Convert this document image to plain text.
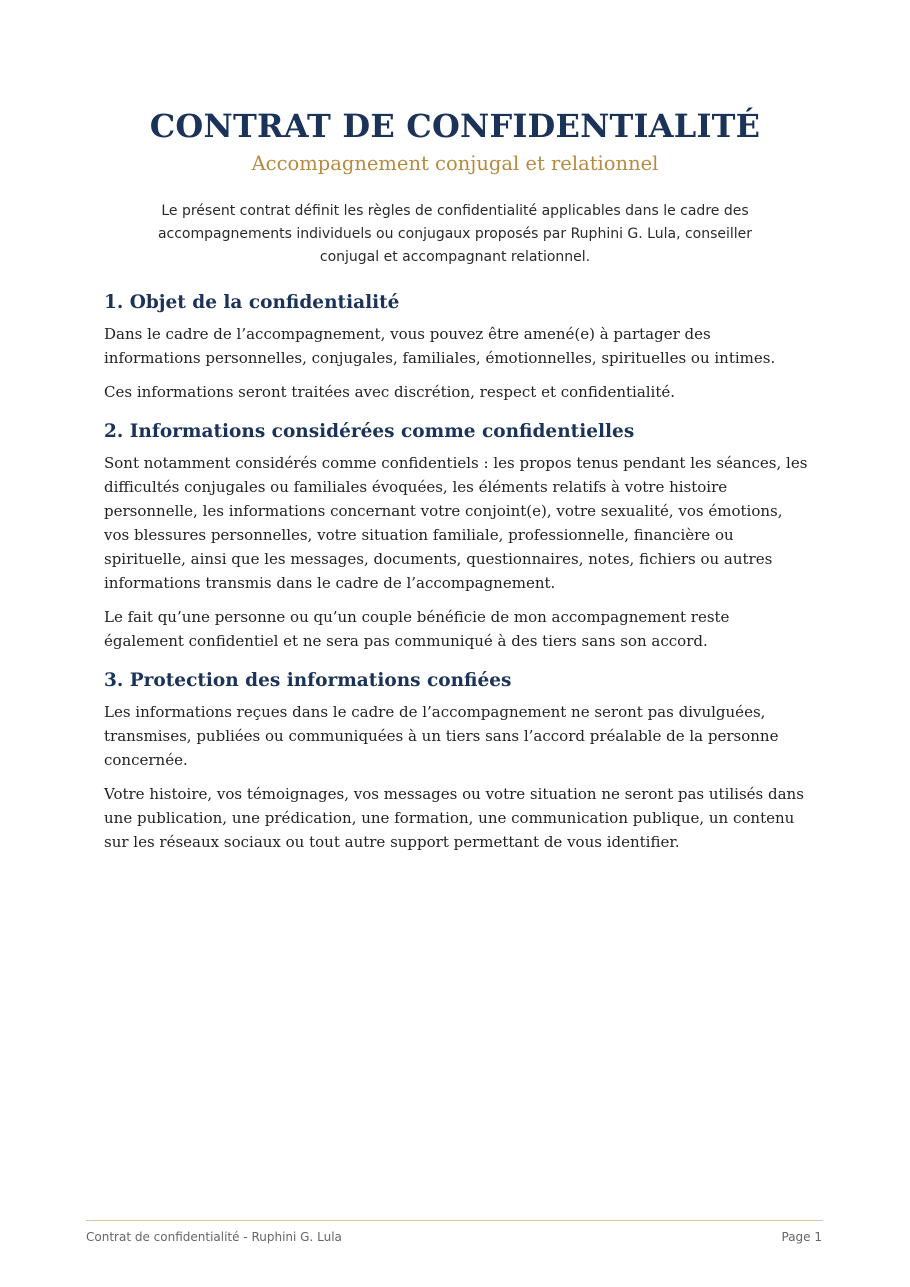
CONTRAT DE CONFIDENTIALITÉ
Accompagnement conjugal et relationnel
Le présent contrat définit les règles de confidentialité applicables dans le cadre des accompagnements individuels ou conjugaux proposés par Ruphini G. Lula, conseiller conjugal et accompagnant relationnel.
1. Objet de la confidentialité

Dans le cadre de l’accompagnement, vous pouvez être amené(e) à partager des informations personnelles, conjugales, familiales, émotionnelles, spirituelles ou intimes.

Ces informations seront traitées avec discrétion, respect et confidentialité.

2. Informations considérées comme confidentielles

Sont notamment considérés comme confidentiels : les propos tenus pendant les séances, les difficultés conjugales ou familiales évoquées, les éléments relatifs à votre histoire personnelle, les informations concernant votre conjoint(e), votre sexualité, vos émotions, vos blessures personnelles, votre situation familiale, professionnelle, financière ou spirituelle, ainsi que les messages, documents, questionnaires, notes, fichiers ou autres informations transmis dans le cadre de l’accompagnement.

Le fait qu’une personne ou qu’un couple bénéficie de mon accompagnement reste également confidentiel et ne sera pas communiqué à des tiers sans son accord.

3. Protection des informations confiées

Les informations reçues dans le cadre de l’accompagnement ne seront pas divulguées, transmises, publiées ou communiquées à un tiers sans l’accord préalable de la personne concernée.

Votre histoire, vos témoignages, vos messages ou votre situation ne seront pas utilisés dans une publication, une prédication, une formation, une communication publique, un contenu sur les réseaux sociaux ou tout autre support permettant de vous identifier.

Contrat de confidentialité - Ruphini G. Lula	Page 1
